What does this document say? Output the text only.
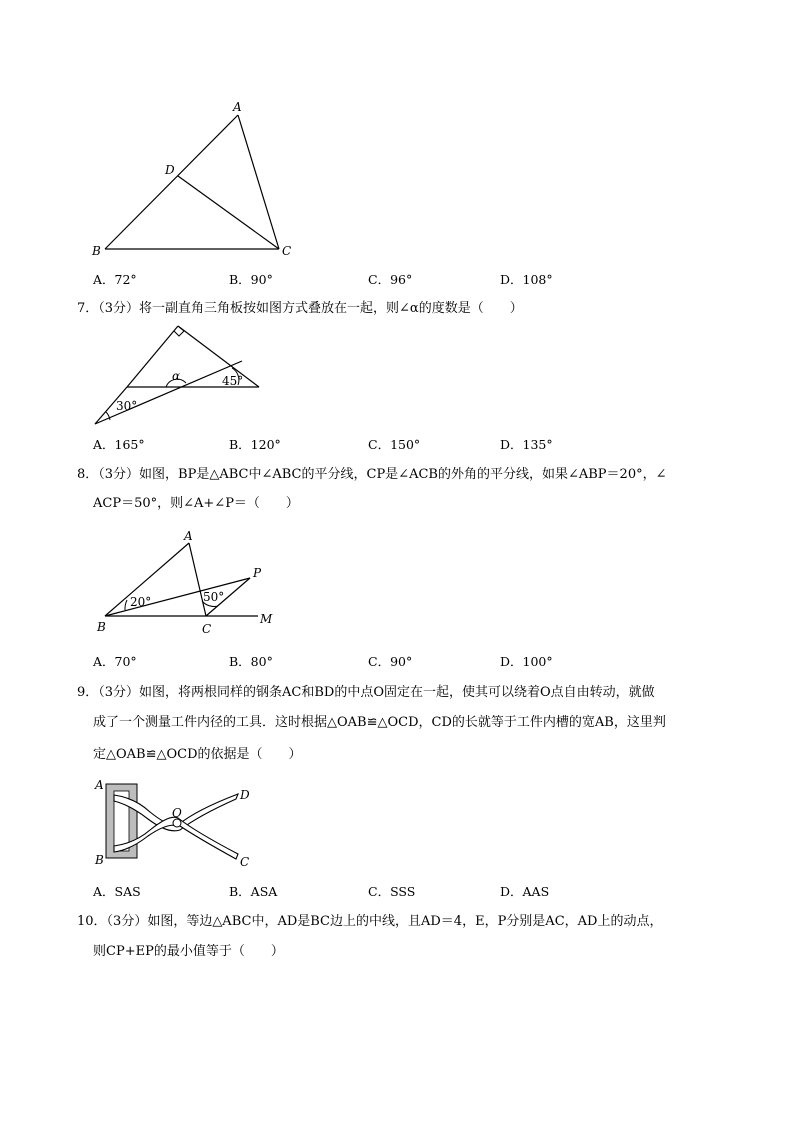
A
D
B	C
A．72°	B．90°	C．96°	D．108°
7．（3分）将一副直角三角板按如图方式叠放在一起，则∠α的度数是（　　）
α	45°
30°
A．165°	B．120°	C．150°	D．135°
8．（3分）如图，BP是△ABC中∠ABC的平分线，CP是∠ACB的外角的平分线，如果∠ABP＝20°，∠
ACP＝50°，则∠A+∠P＝（　　）
A
B	C
P
M
20°	50°
A．70°	B．80°	C．90°	D．100°
9．（3分）如图，将两根同样的钢条AC和BD的中点O固定在一起，使其可以绕着O点自由转动，就做
成了一个测量工件内径的工具．这时根据△OAB≌△OCD，CD的长就等于工件内槽的宽AB，这里判
定△OAB≌△OCD的依据是（　　）
A
B
O
D
C
A．SAS	B．ASA	C．SSS	D．AAS
10．（3分）如图，等边△ABC中，AD是BC边上的中线，且AD＝4，E，P分别是AC，AD上的动点，
则CP+EP的最小值等于（　　）
